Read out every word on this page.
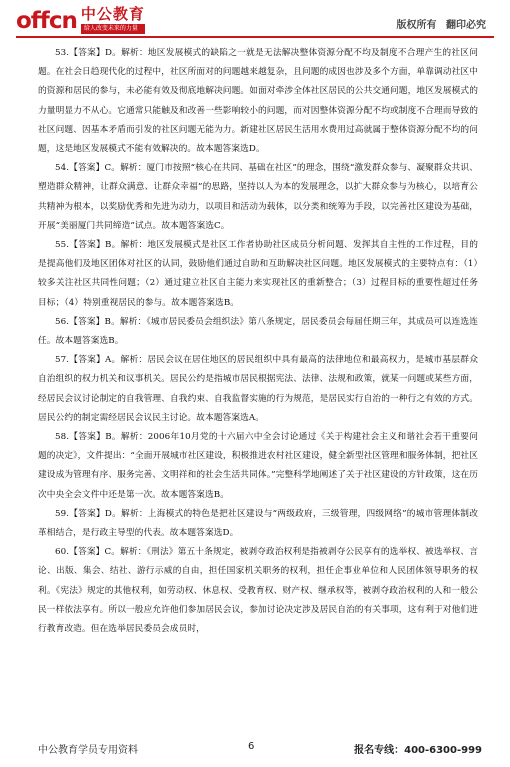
offcn 中公教育
给人改变未来的力量	版权所有 翻印必究

53.【答案】D。解析：地区发展模式的缺陷之一就是无法解决整体资源分配不均及制度不合理产生的社区问题。在社会日趋现代化的过程中，社区所面对的问题越来越复杂，且问题的成因也涉及多个方面，单靠调动社区中的资源和居民的参与，未必能有效及彻底地解决问题。如面对牵涉全体社区居民的公共交通问题，地区发展模式的力量明显力不从心。它通常只能触及和改善一些影响较小的问题，而对因整体资源分配不均或制度不合理而导致的社区问题、因基本矛盾而引发的社区问题无能为力。新建社区居民生活用水费用过高就属于整体资源分配不均的问题，这是地区发展模式不能有效解决的。故本题答案选D。

54.【答案】C。解析：厦门市按照“核心在共同、基础在社区”的理念，围绕“激发群众参与、凝聚群众共识、塑造群众精神，让群众满意、让群众幸福”的思路，坚持以人为本的发展理念，以扩大群众参与为核心，以培育公共精神为根本，以奖励优秀和先进为动力，以项目和活动为载体，以分类和统筹为手段，以完善社区建设为基础，开展“美丽厦门共同缔造”试点。故本题答案选C。

55.【答案】B。解析：地区发展模式是社区工作者协助社区成员分析问题、发挥其自主性的工作过程，目的是提高他们及地区团体对社区的认同，鼓励他们通过自助和互助解决社区问题。地区发展模式的主要特点有：（1）较多关注社区共同性问题；（2）通过建立社区自主能力来实现社区的重新整合；（3）过程目标的重要性超过任务目标；（4）特别重视居民的参与。故本题答案选B。

56.【答案】B。解析：《城市居民委员会组织法》第八条规定，居民委员会每届任期三年，其成员可以连选连任。故本题答案选B。

57.【答案】A。解析：居民会议在居住地区的居民组织中具有最高的法律地位和最高权力，是城市基层群众自治组织的权力机关和议事机关。居民公约是指城市居民根据宪法、法律、法规和政策，就某一问题或某些方面，经居民会议讨论制定的自我管理、自我约束、自我监督实施的行为规范，是居民实行自治的一种行之有效的方式。居民公约的制定需经居民会议民主讨论。故本题答案选A。

58.【答案】B。解析：2006年10月党的十六届六中全会讨论通过《关于构建社会主义和谐社会若干重要问题的决定》，文件提出：“全面开展城市社区建设，积极推进农村社区建设，健全新型社区管理和服务体制，把社区建设成为管理有序、服务完善、文明祥和的社会生活共同体。”完整科学地阐述了关于社区建设的方针政策，这在历次中央全会文件中还是第一次。故本题答案选B。

59.【答案】D。解析：上海模式的特色是把社区建设与“两级政府，三级管理，四级网络”的城市管理体制改革相结合，是行政主导型的代表。故本题答案选D。

60.【答案】C。解析：《刑法》第五十条规定，被剥夺政治权利是指被剥夺公民享有的选举权、被选举权、言论、出版、集会、结社、游行示威的自由，担任国家机关职务的权利，担任企事业单位和人民团体领导职务的权利。《宪法》规定的其他权利，如劳动权、休息权、受教育权、财产权、继承权等，被剥夺政治权利的人和一般公民一样依法享有。所以一般应允许他们参加居民会议，参加讨论决定涉及居民自治的有关事项，这有利于对他们进行教育改造。但在选举居民委员会成员时，

中公教育学员专用资料	6	报名专线：400-6300-999
